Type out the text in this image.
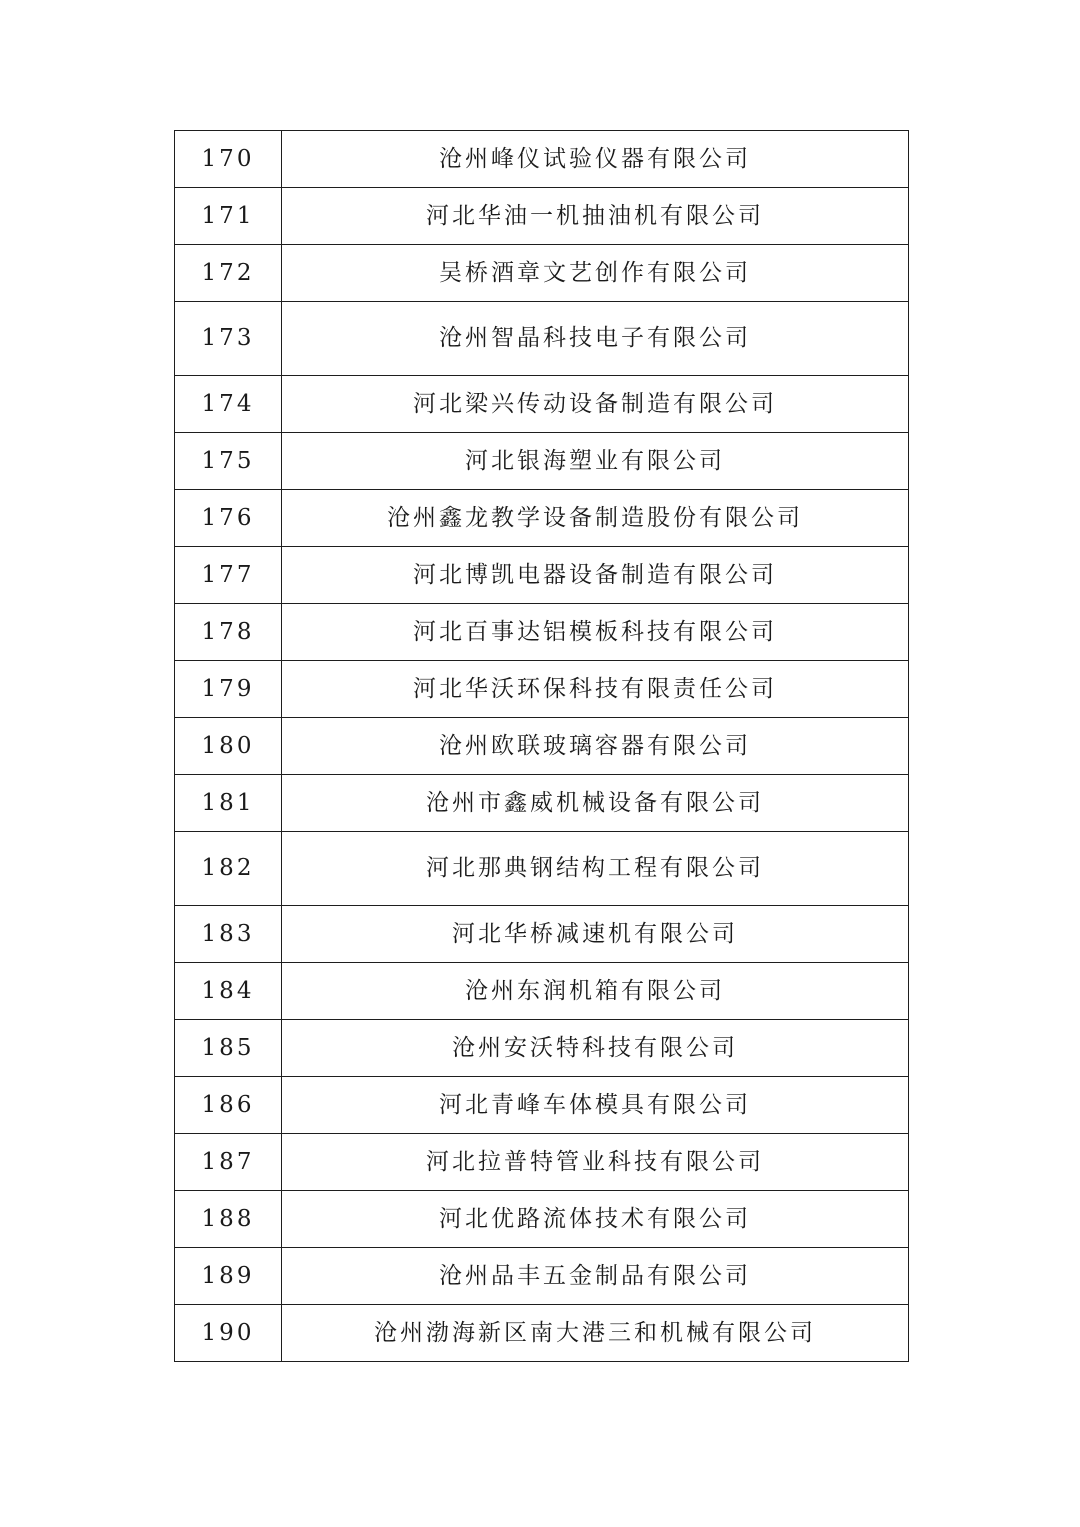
170	沧州峰仪试验仪器有限公司
171	河北华油一机抽油机有限公司
172	吴桥酒章文艺创作有限公司
173	沧州智晶科技电子有限公司
174	河北梁兴传动设备制造有限公司
175	河北银海塑业有限公司
176	沧州鑫龙教学设备制造股份有限公司
177	河北博凯电器设备制造有限公司
178	河北百事达铝模板科技有限公司
179	河北华沃环保科技有限责任公司
180	沧州欧联玻璃容器有限公司
181	沧州市鑫威机械设备有限公司
182	河北那典钢结构工程有限公司
183	河北华桥减速机有限公司
184	沧州东润机箱有限公司
185	沧州安沃特科技有限公司
186	河北青峰车体模具有限公司
187	河北拉普特管业科技有限公司
188	河北优路流体技术有限公司
189	沧州品丰五金制品有限公司
190	沧州渤海新区南大港三和机械有限公司
